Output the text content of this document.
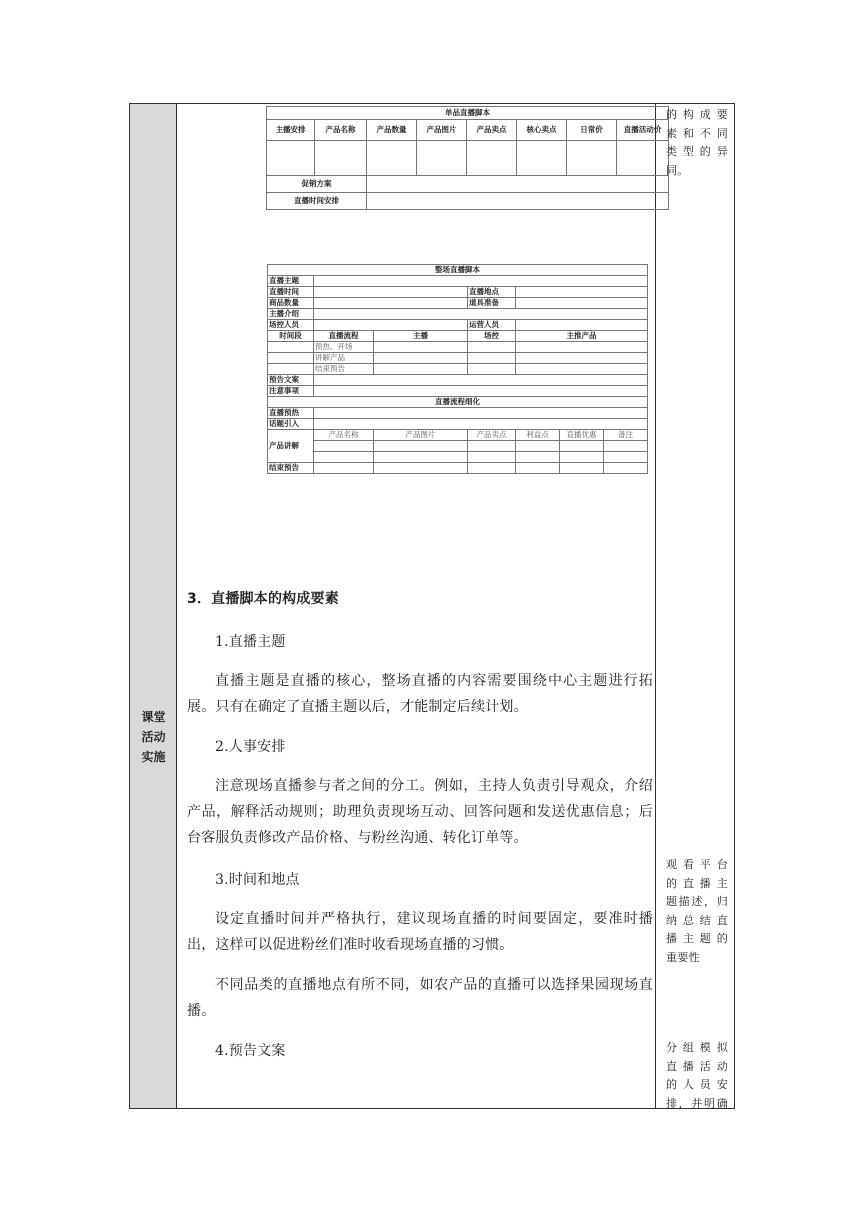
课堂
活动
实施
单品直播脚本							
主播安排	产品名称	产品数量	产品图片	产品卖点	核心卖点	日常价	直播活动价

促销方案							
直播时间安排							
整场直播脚本						
直播主题						
直播时间			直播地点			
商品数量			道具准备			
主播介绍						
场控人员			运营人员			
时间段	直播流程	主播	场控	主推产品		
	预热、开场					
	讲解产品					
	结束预告					
预告文案						
注意事项						
直播流程细化						
直播预热						
话题引入						
产品讲解	产品名称	产品图片	产品卖点	利益点	直播优惠	备注

结束预告						
的构成要
素和不同
类型的异
同。
观看平台
的直播主
题描述，归
纳总结直
播主题的
重要性
分组模拟
直播活动
的人员安
排，并明确
3．直播脚本的构成要素
1.直播主题
直播主题是直播的核心，整场直播的内容需要围绕中心主题进行拓展。只有在确定了直播主题以后，才能制定后续计划。
2.人事安排
注意现场直播参与者之间的分工。例如，主持人负责引导观众，介绍产品，解释活动规则；助理负责现场互动、回答问题和发送优惠信息；后台客服负责修改产品价格、与粉丝沟通、转化订单等。
3.时间和地点
设定直播时间并严格执行，建议现场直播的时间要固定，要准时播出，这样可以促进粉丝们准时收看现场直播的习惯。
不同品类的直播地点有所不同，如农产品的直播可以选择果园现场直播。
4.预告文案
